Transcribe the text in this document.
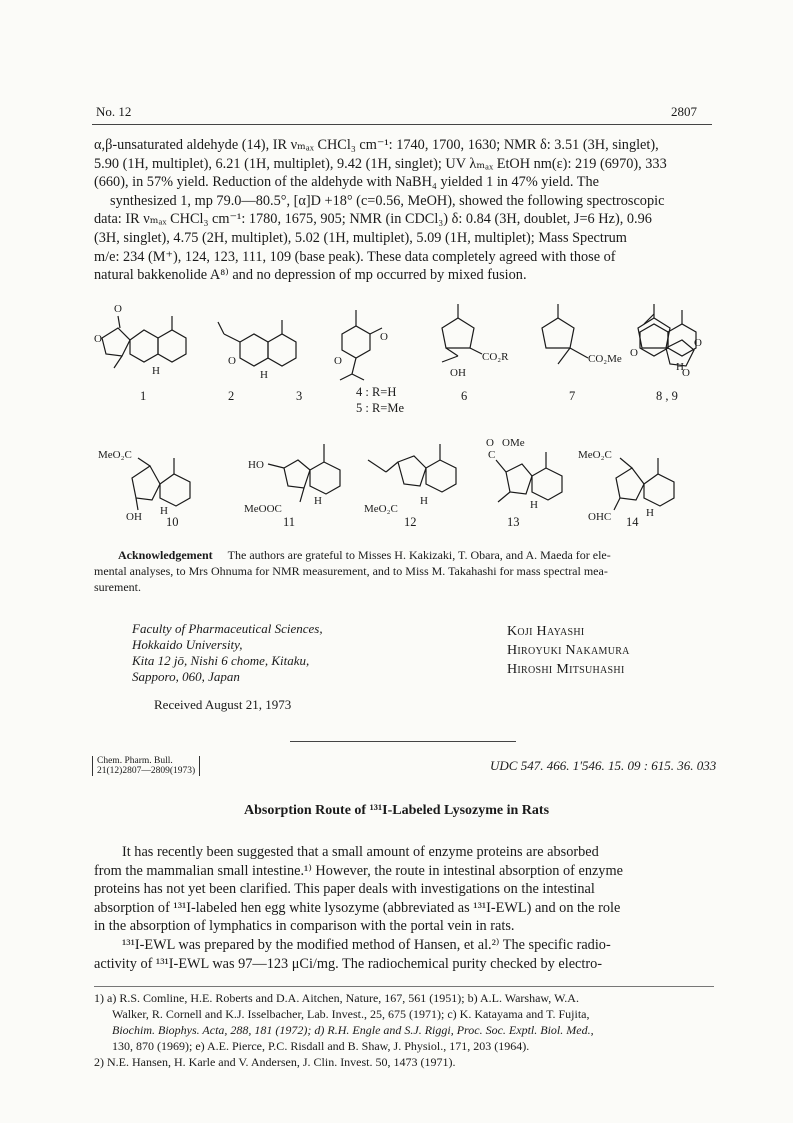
No. 12	2807

α,β-unsaturated aldehyde (14), IR νₘₐₓ CHCl₃ cm⁻¹: 1740, 1700, 1630; NMR δ: 3.51 (3H, singlet),

5.90 (1H, multiplet), 6.21 (1H, multiplet), 9.42 (1H, singlet); UV λₘₐₓ EtOH nm(ε): 219 (6970), 333

(660), in 57% yield. Reduction of the aldehyde with NaBH₄ yielded 1 in 47% yield. The

synthesized 1, mp 79.0—80.5°, [α]D +18° (c=0.56, MeOH), showed the following spectroscopic

data: IR νₘₐₓ CHCl₃ cm⁻¹: 1780, 1675, 905; NMR (in CDCl₃) δ: 0.84 (3H, doublet, J=6 Hz), 0.96

(3H, singlet), 4.75 (2H, multiplet), 5.02 (1H, multiplet), 5.09 (1H, multiplet); Mass Spectrum

m/e: 234 (M⁺), 124, 123, 111, 109 (base peak). These data completely agreed with those of

natural bakkenolide A⁸⁾ and no depression of mp occurred by mixed fusion.

O
O
H
O
H
O
O	CO₂R
OH
CO₂Me
O
O
O
H
1	2	3	4 : R=H
5 : R=Me
6	7	8 , 9
MeO₂C
OH H
HO
MeOOC
H
MeO₂C
H
O OMe
C
H
MeO₂C
OHC	H
10	11	12	13	14
Acknowledgement The authors are grateful to Misses H. Kakizaki, T. Obara, and A. Maeda for ele-
mental analyses, to Mrs Ohnuma for NMR measurement, and to Miss M. Takahashi for mass spectral mea-
surement.
Faculty of Pharmaceutical Sciences,
Hokkaido University,
Kita 12 jō, Nishi 6 chome, Kitaku,
Sapporo, 060, Japan
Koji Hayashi
Hiroyuki Nakamura
Hiroshi Mitsuhashi
Received August 21, 1973
Chem. Pharm. Bull.
21(12)2807—2809(1973)	UDC 547. 466. 1'546. 15. 09 : 615. 36. 033
Absorption Route of ¹³¹I-Labeled Lysozyme in Rats

It has recently been suggested that a small amount of enzyme proteins are absorbed

from the mammalian small intestine.¹⁾ However, the route in intestinal absorption of enzyme

proteins has not yet been clarified. This paper deals with investigations on the intestinal

absorption of ¹³¹I-labeled hen egg white lysozyme (abbreviated as ¹³¹I-EWL) and on the role

in the absorption of lymphatics in comparison with the portal vein in rats.

¹³¹I-EWL was prepared by the modified method of Hansen, et al.²⁾ The specific radio-

activity of ¹³¹I-EWL was 97—123 μCi/mg. The radiochemical purity checked by electro-

1) a) R.S. Comline, H.E. Roberts and D.A. Aitchen, Nature, 167, 561 (1951); b) A.L. Warshaw, W.A.

Walker, R. Cornell and K.J. Isselbacher, Lab. Invest., 25, 675 (1971); c) K. Katayama and T. Fujita,

Biochim. Biophys. Acta, 288, 181 (1972); d) R.H. Engle and S.J. Riggi, Proc. Soc. Exptl. Biol. Med.,

130, 870 (1969); e) A.E. Pierce, P.C. Risdall and B. Shaw, J. Physiol., 171, 203 (1964).

2) N.E. Hansen, H. Karle and V. Andersen, J. Clin. Invest. 50, 1473 (1971).
